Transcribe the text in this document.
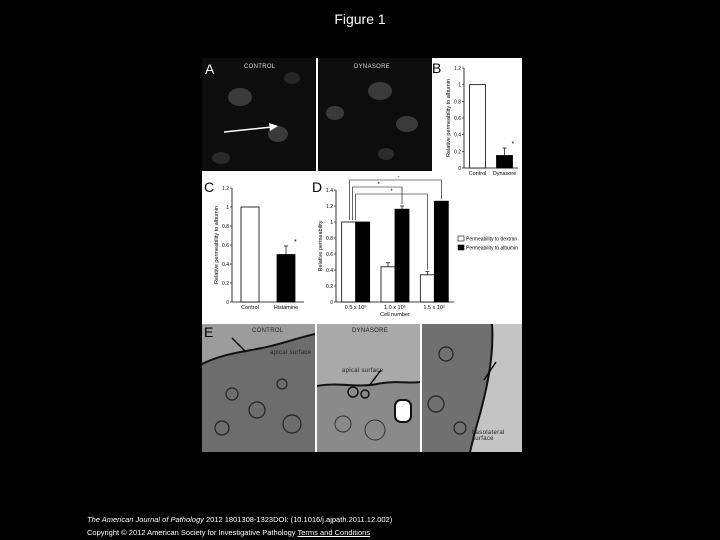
Figure 1
A	CONTROL	DYNASORE	B
0
0.2
0.4
0.6
0.8
1
1.2
Relative permeability to albumin
Control Dynasore
*
C
0
0.2
0.4
0.6
0.8
1
1.2
Relative permeability to albumin
Control	Histamine
*
D
0
0.2
0.4
0.6
0.8
1
1.2
1.4
Relative permeability
0.5 x 10⁵	1.0 x 10⁵	1.5 x 10⁵
Cell number
*
*
*
Permeability to dextran
Permeability to albumin
E	CONTROL	DYNASORE
apical surface
apical surface
basolateral surface
The American Journal of Pathology 2012 1801308-1323DOI: (10.1016/j.ajpath.2011.12.002)
Copyright © 2012 American Society for Investigative Pathology Terms and Conditions
